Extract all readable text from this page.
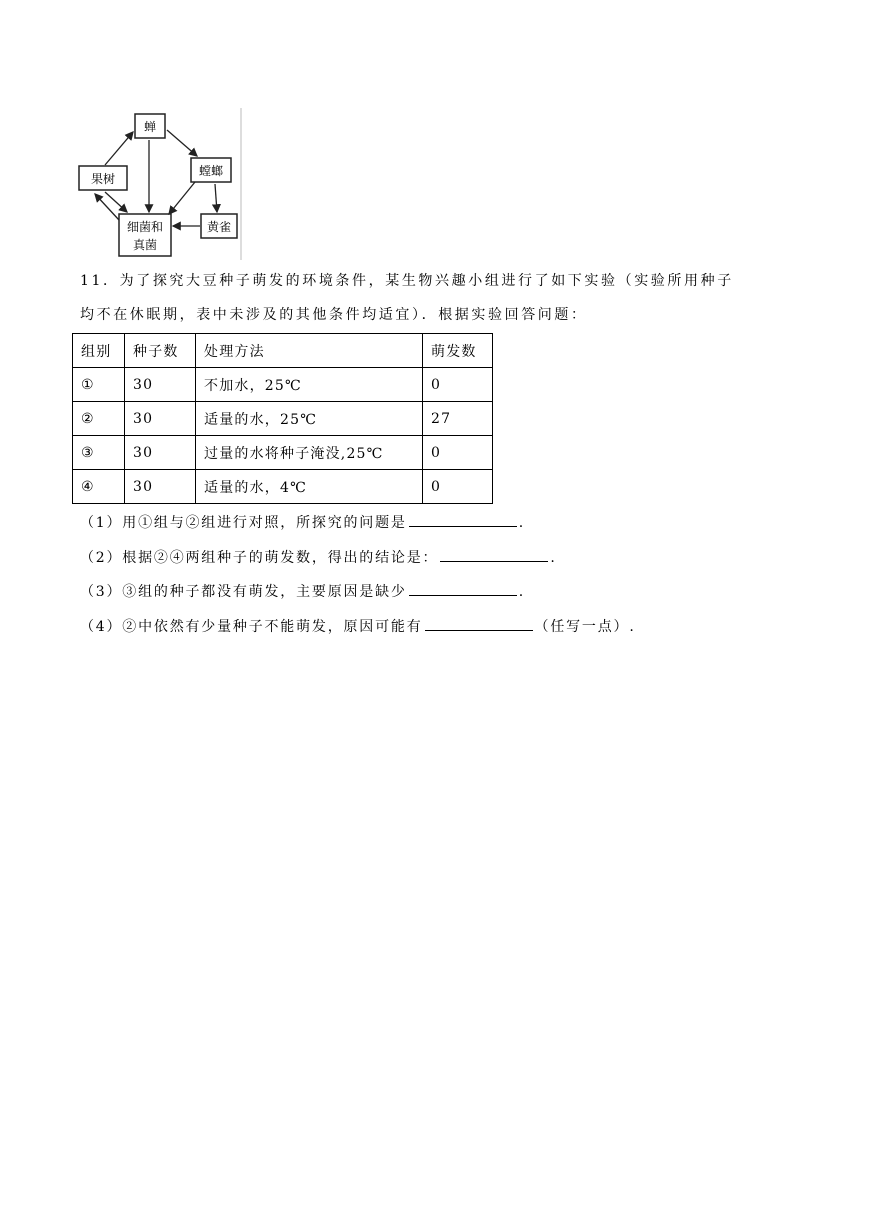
蝉
果树
螳螂
黄雀
细菌和
真菌
11．为了探究大豆种子萌发的环境条件，某生物兴趣小组进行了如下实验（实验所用种子
均不在休眠期，表中未涉及的其他条件均适宜）．根据实验回答问题：
组别	种子数	处理方法	萌发数
①	30	不加水，25℃	0
②	30	适量的水，25℃	27
③	30	过量的水将种子淹没,25℃	0
④	30	适量的水，4℃	0
（1）用①组与②组进行对照，所探究的问题是	.
（2）根据②④两组种子的萌发数，得出的结论是：	.
（3）③组的种子都没有萌发，主要原因是缺少	.
（4）②中依然有少量种子不能萌发，原因可能有	（任写一点）.
